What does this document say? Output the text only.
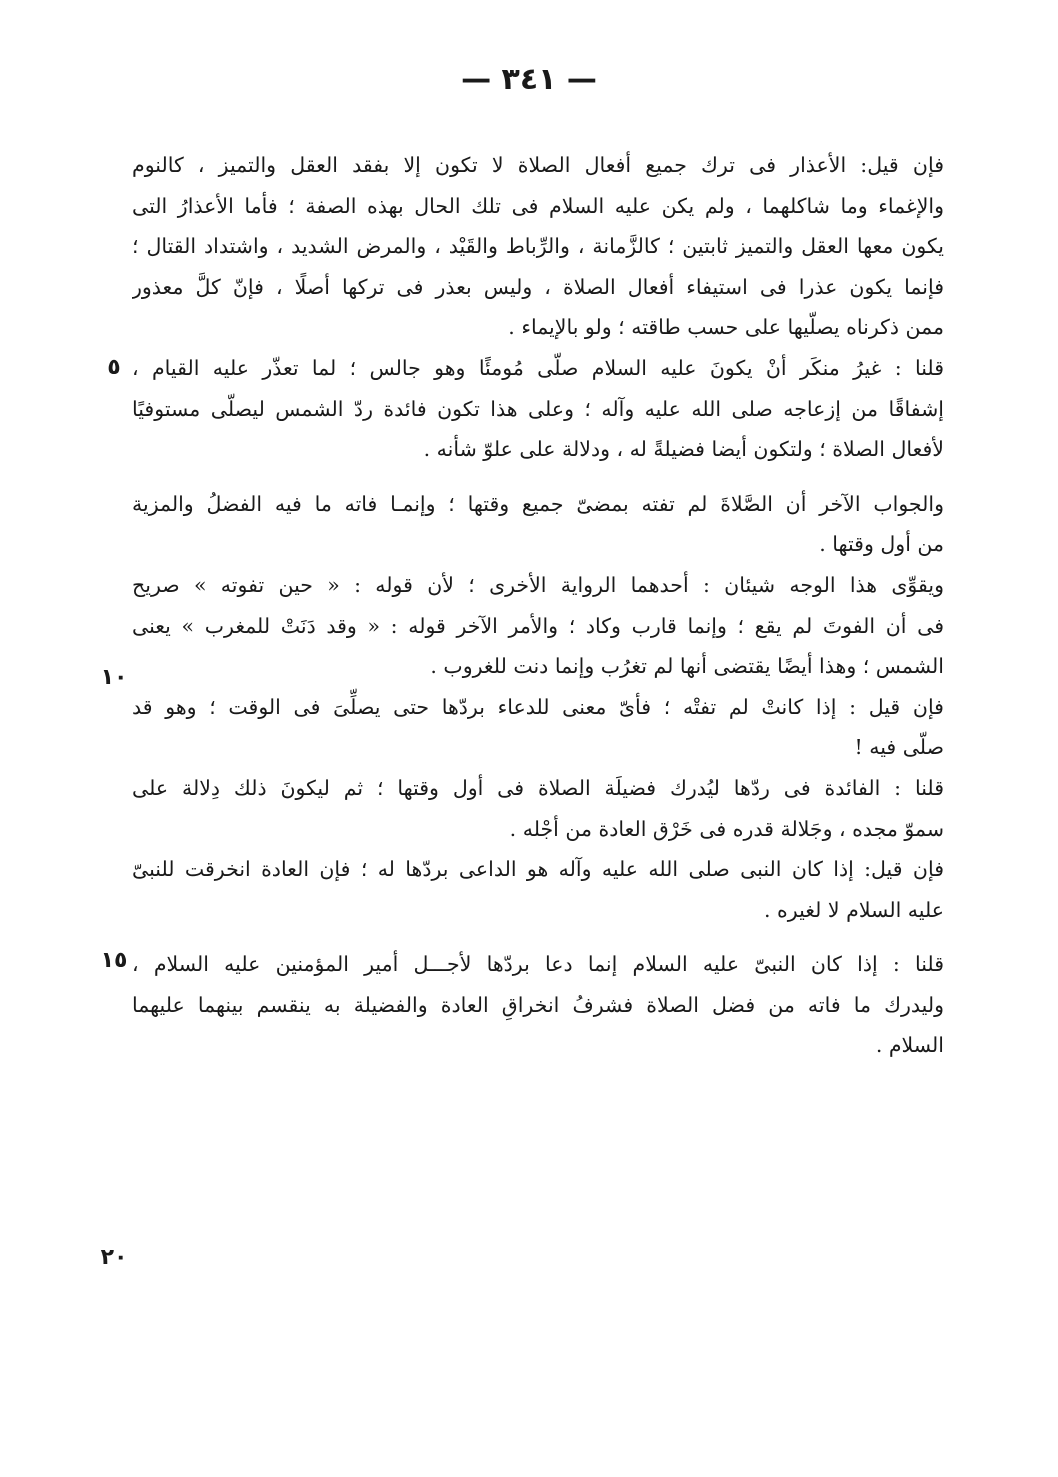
— ٣٤١ —
فإن قيل: الأعذار فى ترك جميع أفعال الصلاة لا تكون إلا بفقد العقل والتميز ، كالنوم
والإغماء وما شاكلهما ، ولم يكن عليه السلام فى تلك الحال بهذه الصفة ؛ فأما الأعذارُ التى
يكون معها العقل والتميز ثابتين ؛ كالزَّمانة ، والرِّباط والقَيْد ، والمرض الشديد ، واشتداد القتال ؛
فإنما يكون عذرا فى استيفاء أفعال الصلاة ، وليس بعذر فى تركها أصلًا ، فإنّ كلَّ معذور
ممن ذكرناه يصلّيها على حسب طاقته ؛ ولو بالإيماء .
قلنا : غيرُ منكَر أنْ يكونَ عليه السلام صلّى مُومئًا وهو جالس ؛ لما تعذّر عليه القيام ،
إشفاقًا من إزعاجه صلى الله عليه وآله ؛ وعلى هذا تكون فائدة ردّ الشمس ليصلّى مستوفيًا
لأفعال الصلاة ؛ ولتكون أيضا فضيلةً له ، ودلالة على علوّ شأنه .
والجواب الآخر أن الصَّلاةَ لم تفته بمضىّ جميع وقتها ؛ وإنمـا فاته ما فيه الفضلُ والمزية
من أول وقتها .
ويقوِّى هذا الوجه شيئان : أحدهما الرواية الأخرى ؛ لأن قوله : « حين تفوته » صريح
فى أن الفوتَ لم يقع ؛ وإنما قارب وكاد ؛ والأمر الآخر قوله : « وقد دَنَتْ للمغرب » يعنى
الشمس ؛ وهذا أيضًا يقتضى أنها لم تغرُب وإنما دنت للغروب .
فإن قيل : إذا كانتْ لم تفتْه ؛ فأىّ معنى للدعاء بردّها حتى يصلِّىَ فى الوقت ؛ وهو قد
صلّى فيه !
قلنا : الفائدة فى ردّها ليُدرك فضيلَة الصلاة فى أول وقتها ؛ ثم ليكونَ ذلك دِلالة على
سموّ مجده ، وجَلالة قدره فى خَرْق العادة من أجْله .
فإن قيل: إذا كان النبى صلى الله عليه وآله هو الداعى بردّها له ؛ فإن العادة انخرقت للنبىّ
عليه السلام لا لغيره .
قلنا : إذا كان النبىّ عليه السلام إنما دعا بردّها لأجـــل أمير المؤمنين عليه السلام ،
وليدرك ما فاته من فضل الصلاة فشرفُ انخراقِ العادة والفضيلة به ينقسم بينهما عليهما
السلام .
٥
١٠
١٥
٢٠
